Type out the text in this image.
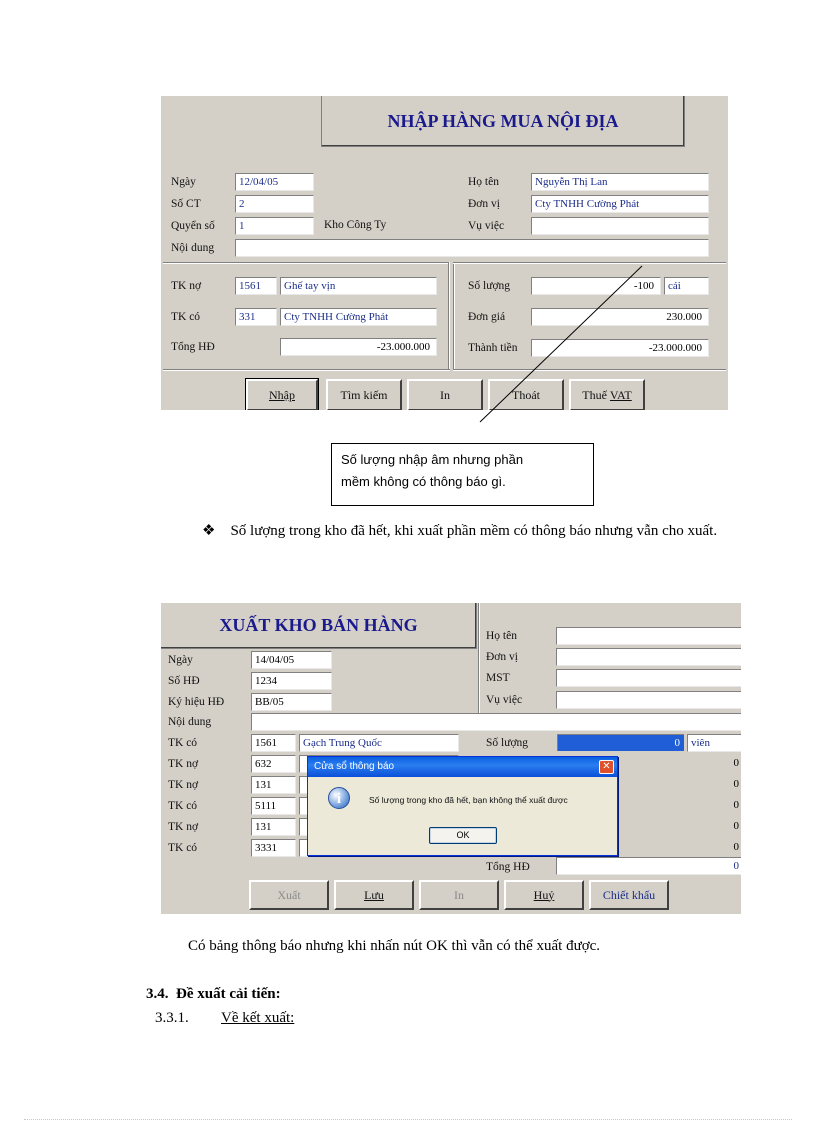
NHẬP HÀNG MUA NỘI ĐỊA
Ngày	12/04/05
Số CT	2
Quyển số	1	Kho Công Ty
Nội dung
Họ tên	Nguyễn Thị Lan
Đơn vị	Cty TNHH Cường Phát
Vụ việc
TK nợ	1561	Ghế tay vịn
TK có	331	Cty TNHH Cường Phát
Tổng HĐ	-23.000.000
Số lượng	-100	cái
Đơn giá	230.000
Thành tiền	-23.000.000
Nhập	Tìm kiếm	In	Thoát	Thuế
VAT
Số lượng nhập âm nhưng phần
mềm không có thông báo gì.
❖ Số lượng trong kho đã hết, khi xuất phần mềm có thông báo nhưng vẫn cho xuất.
XUẤT KHO BÁN HÀNG
Ngày	14/04/05
Số HĐ	1234
Ký hiệu HĐ	BB/05
Nội dung
Họ tên
Đơn vị
MST
Vụ việc
TK có	1561	Gạch Trung Quốc
TK nợ	632
TK nợ	131
TK có	5111
TK nợ	131
TK có	3331
Số lượng	0	viên
0
0
0
0
0
Tổng HĐ	0
Xuất	Lưu	In	Huỷ	Chiết khấu
Cửa sổ thông báo	✕
i	Số lượng trong kho đã hết, bạn không thể xuất được
OK
Có bảng thông báo nhưng khi nhấn nút OK thì vẫn có thể xuất được.
3.4. Đề xuất cải tiến:
3.3.1. Về kết xuất:
